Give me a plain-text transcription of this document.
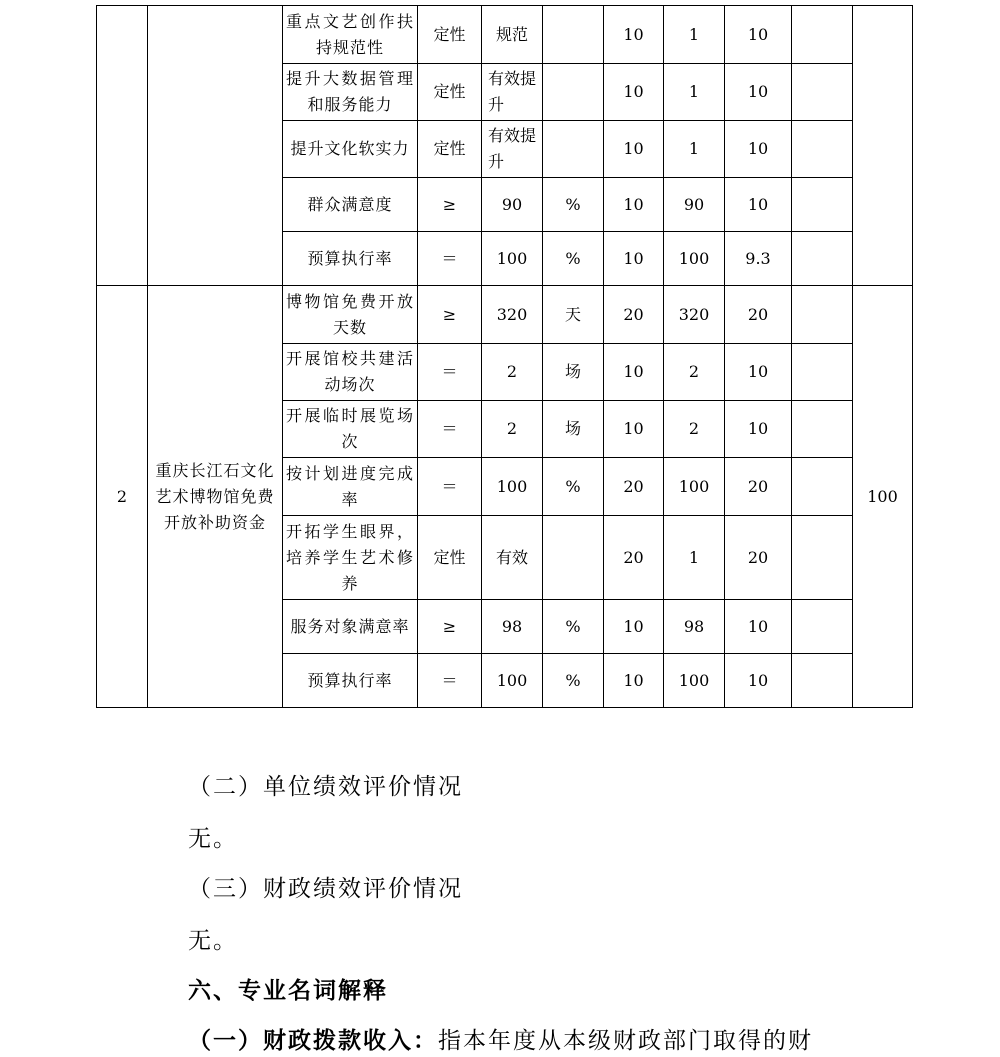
		重点文艺创作扶持规范性	定性	规范		10	1	10		
		提升大数据管理和服务能力	定性	有效提升		10	1	10		
		提升文化软实力	定性	有效提升		10	1	10		
		群众满意度	≥	90	%	10	90	10		
		预算执行率	＝	100	%	10	100	9.3		
2	重庆长江石文化艺术博物馆免费开放补助资金	博物馆免费开放天数	≥	320	天	20	320	20		100
		开展馆校共建活动场次	＝	2	场	10	2	10		
		开展临时展览场次	＝	2	场	10	2	10		
		按计划进度完成率	＝	100	%	20	100	20		
		开拓学生眼界，培养学生艺术修养	定性	有效		20	1	20		
		服务对象满意率	≥	98	%	10	98	10		
		预算执行率	＝	100	%	10	100	10		
（二）单位绩效评价情况
无。
（三）财政绩效评价情况
无。
六、专业名词解释
（一）财政拨款收入：指本年度从本级财政部门取得的财
